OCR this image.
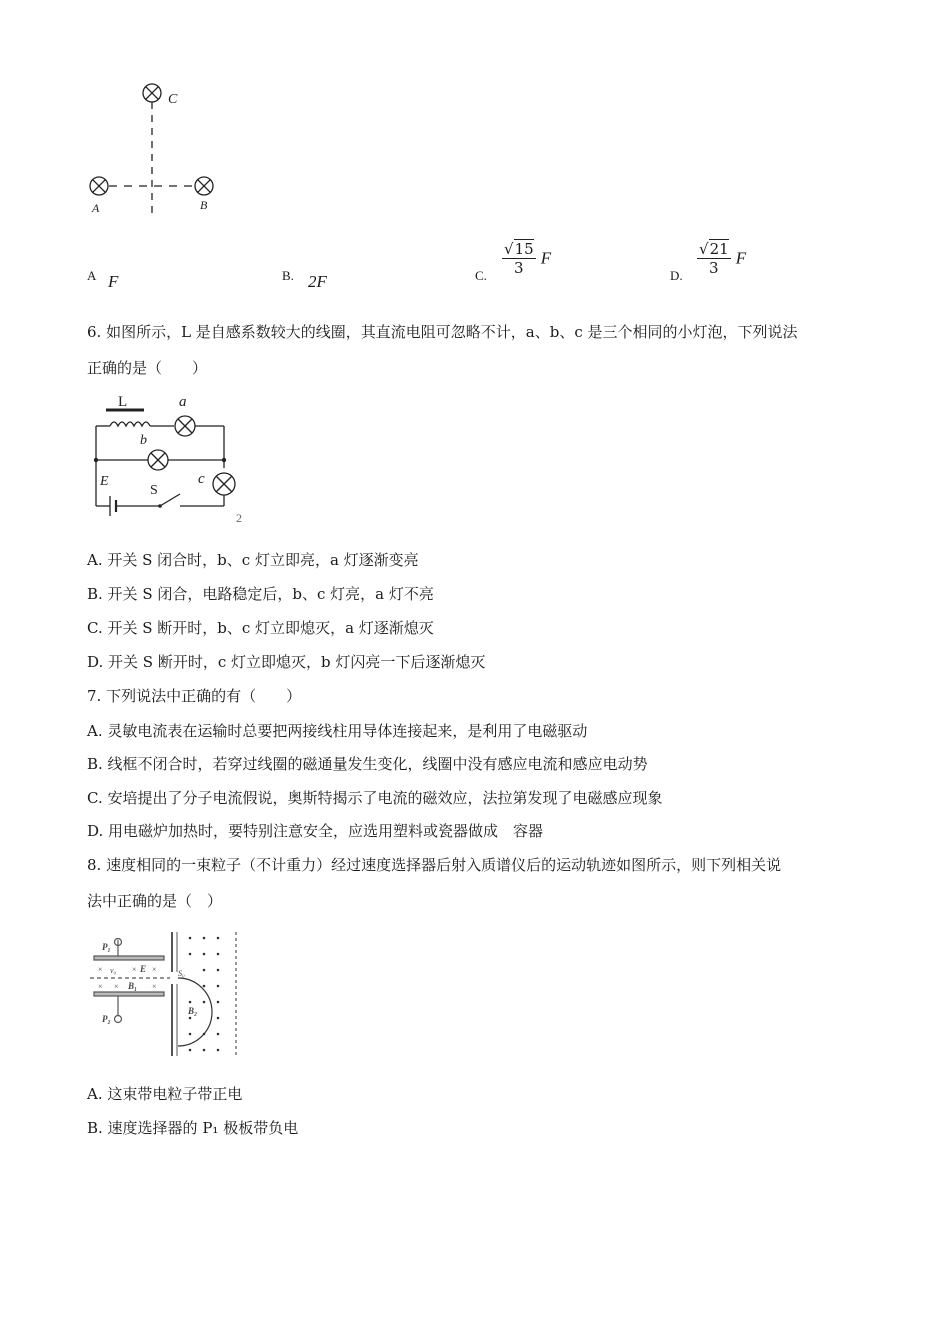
C
A	B
A F	B. 2F	C. $\frac{√15}{3}$ F
D. $\frac{√21}{3}$ F
6. 如图所示，L 是自感系数较大的线圈，其直流电阻可忽略不计，a、b、c 是三个相同的小灯泡，下列说法
正确的是（　　）
L	a
b
c
E
S
2
A. 开关 S 闭合时，b、c 灯立即亮，a 灯逐渐变亮
B. 开关 S 闭合，电路稳定后，b、c 灯亮，a 灯不亮
C. 开关 S 断开时，b、c 灯立即熄灭，a 灯逐渐熄灭
D. 开关 S 断开时，c 灯立即熄灭，b 灯闪亮一下后逐渐熄灭
7. 下列说法中正确的有（　　）
A. 灵敏电流表在运输时总要把两接线柱用导体连接起来，是利用了电磁驱动
B. 线框不闭合时，若穿过线圈的磁通量发生变化，线圈中没有感应电流和感应电动势
C. 安培提出了分子电流假说，奥斯特揭示了电流的磁效应，法拉第发现了电磁感应现象
D. 用电磁炉加热时，要特别注意安全，应选用塑料或瓷器做成　容器
8. 速度相同的一束粒子（不计重力）经过速度选择器后射入质谱仪后的运动轨迹如图所示，则下列相关说
法中正确的是（　）
×	× ×
× ×	×
P₁
P₂
v₀	E
B₁
B₂
S₀
A. 这束带电粒子带正电
B. 速度选择器的 P₁ 极板带负电
